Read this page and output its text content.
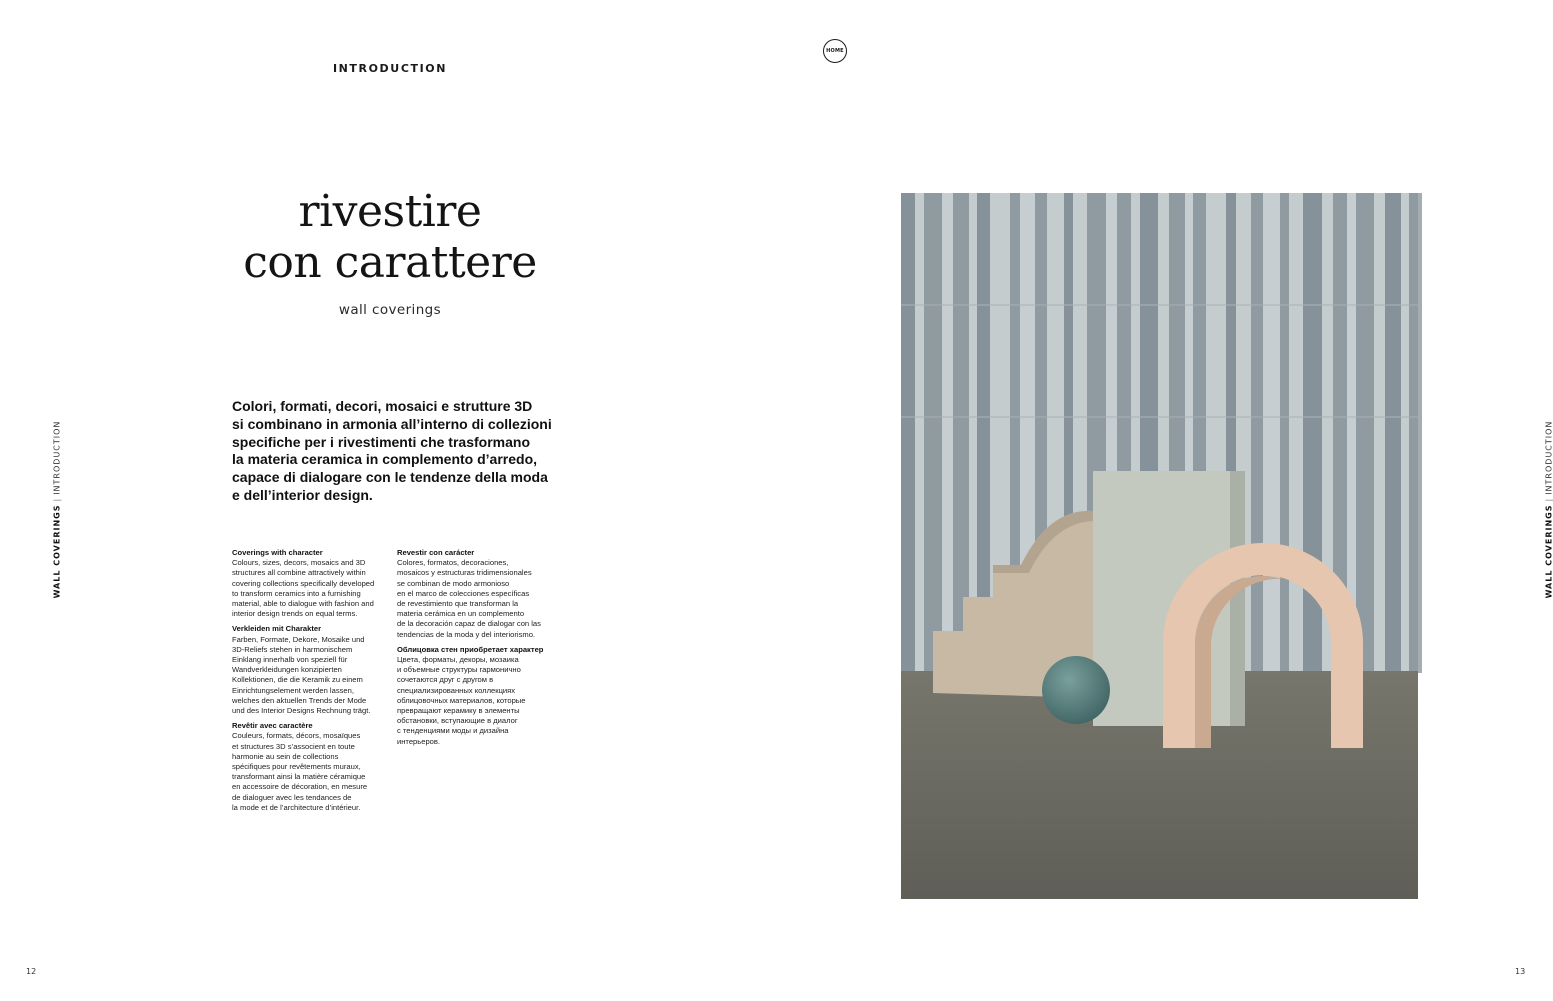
INTRODUCTION
HOME
rivestire
con carattere
wall coverings
Colori, formati, decori, mosaici e strutture 3D
si combinano in armonia all’interno di collezioni
specifiche per i rivestimenti che trasformano
la materia ceramica in complemento d’arredo,
capace di dialogare con le tendenze della moda
e dell’interior design.
Coverings with character
Colours, sizes, decors, mosaics and 3D
structures all combine attractively within
covering collections specifically developed
to transform ceramics into a furnishing
material, able to dialogue with fashion and
interior design trends on equal terms.
Verkleiden mit Charakter
Farben, Formate, Dekore, Mosaike und
3D-Reliefs stehen in harmonischem
Einklang innerhalb von speziell für
Wandverkleidungen konzipierten
Kollektionen, die die Keramik zu einem
Einrichtungselement werden lassen,
welches den aktuellen Trends der Mode
und des Interior Designs Rechnung trägt.
Revêtir avec caractère
Couleurs, formats, décors, mosaïques
et structures 3D s’associent en toute
harmonie au sein de collections
spécifiques pour revêtements muraux,
transformant ainsi la matière céramique
en accessoire de décoration, en mesure
de dialoguer avec les tendances de
la mode et de l’architecture d’intérieur.
Revestir con carácter
Colores, formatos, decoraciones,
mosaicos y estructuras tridimensionales
se combinan de modo armonioso
en el marco de colecciones específicas
de revestimiento que transforman la
materia cerámica en un complemento
de la decoración capaz de dialogar con las
tendencias de la moda y del interiorismo.
Облицовка стен приобретает характер
Цвета, форматы, декоры, мозаика
и объемные структуры гармонично
сочетаются друг с другом в
специализированных коллекциях
облицовочных материалов, которые
превращают керамику в элементы
обстановки, вступающие в диалог
с тенденциями моды и дизайна
интерьеров.
WALL COVERINGS|INTRODUCTION
WALL COVERINGS|INTRODUCTION
12	13
